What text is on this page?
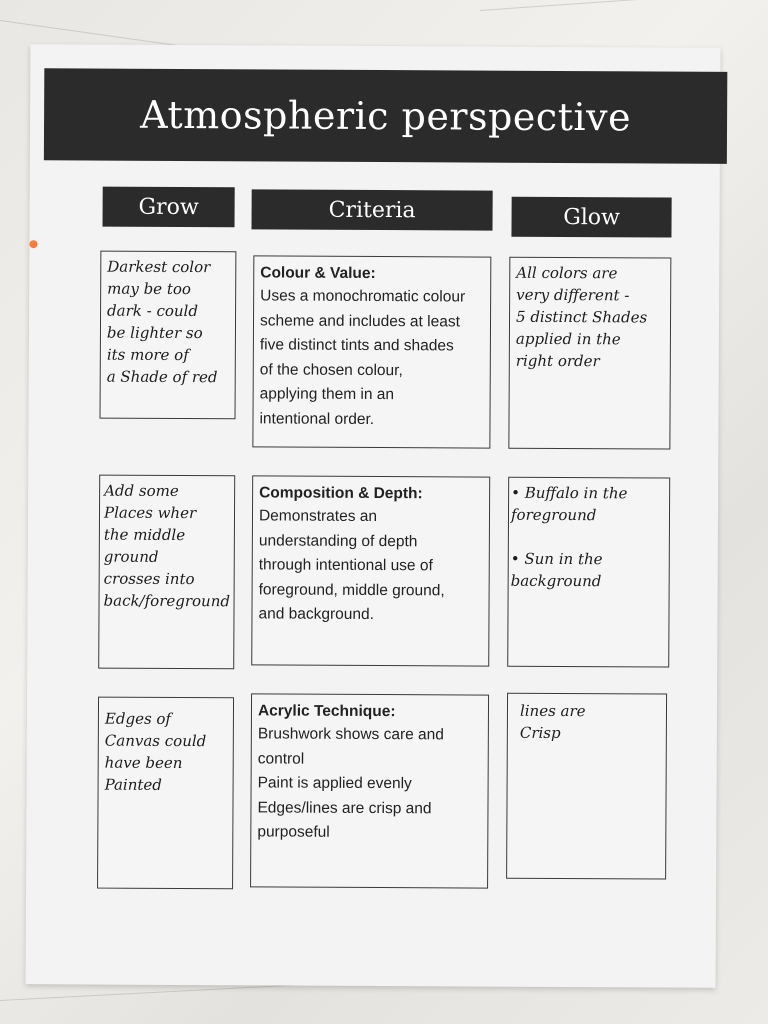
Atmospheric perspective
Grow	Criteria	Glow
Darkest color
may be too
dark - could
be lighter so
its more of
a Shade of red
Colour & Value:
Uses a monochromatic colour
scheme and includes at least
five distinct tints and shades
of the chosen colour,
applying them in an
intentional order.
All colors are
very different -
5 distinct Shades
applied in the
right order
Add some
Places wher
the middle
ground
crosses into
back/foreground
Composition & Depth:
Demonstrates an
understanding of depth
through intentional use of
foreground, middle ground,
and background.
• Buffalo in the
foreground

• Sun in the
background
Edges of
Canvas could
have been
Painted
Acrylic Technique:
Brushwork shows care and
control
Paint is applied evenly
Edges/lines are crisp and
purposeful
lines are
Crisp
